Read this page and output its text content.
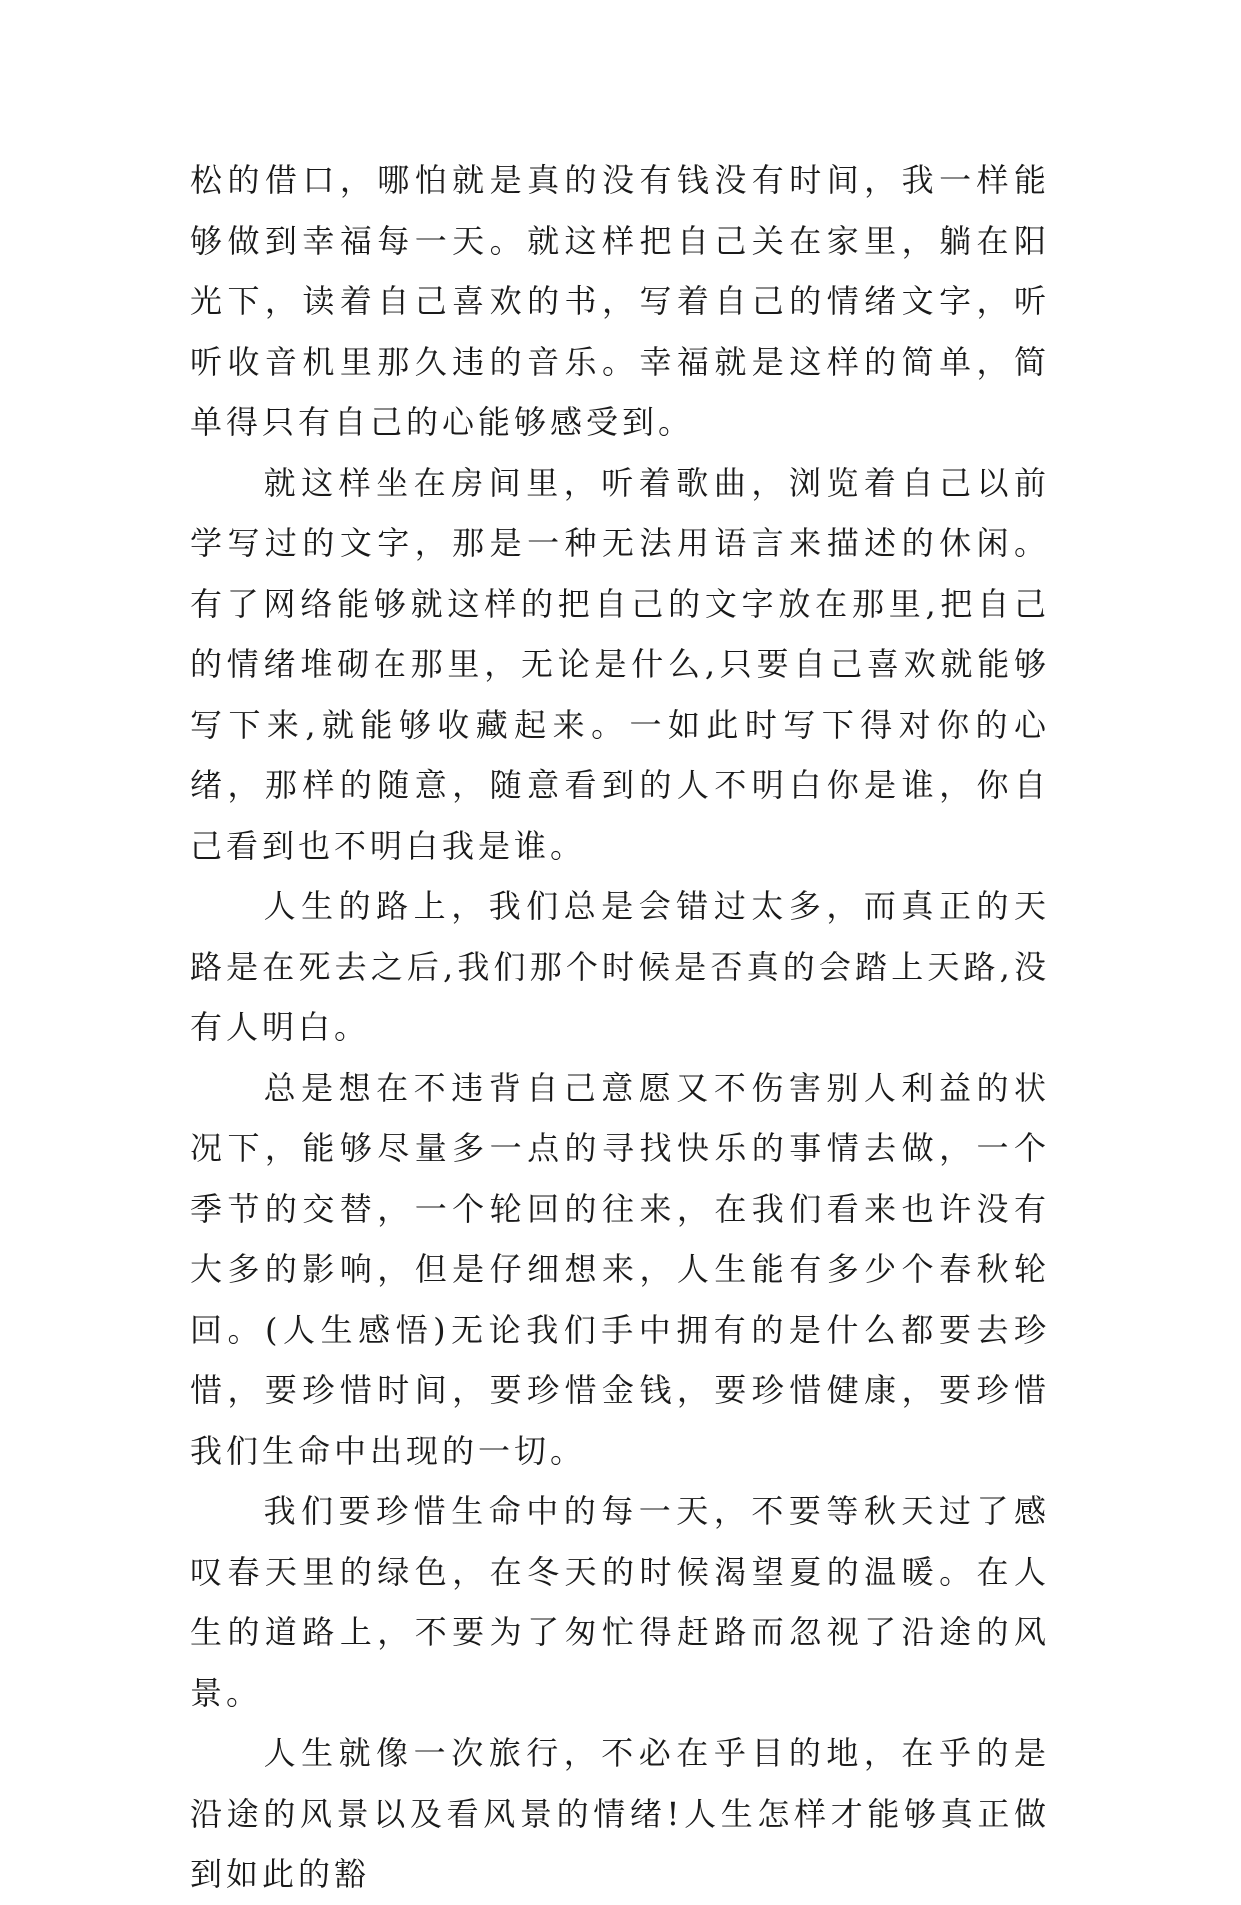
松的借口，哪怕就是真的没有钱没有时间，我一样能够做到幸福每一天。就这样把自己关在家里，躺在阳光下，读着自己喜欢的书，写着自己的情绪文字，听听收音机里那久违的音乐。幸福就是这样的简单，简单得只有自己的心能够感受到。

就这样坐在房间里，听着歌曲，浏览着自己以前学写过的文字，那是一种无法用语言来描述的休闲。有了网络能够就这样的把自己的文字放在那里,把自己的情绪堆砌在那里，无论是什么,只要自己喜欢就能够写下来,就能够收藏起来。一如此时写下得对你的心绪，那样的随意，随意看到的人不明白你是谁，你自己看到也不明白我是谁。

人生的路上，我们总是会错过太多，而真正的天路是在死去之后,我们那个时候是否真的会踏上天路,没有人明白。

总是想在不违背自己意愿又不伤害别人利益的状况下，能够尽量多一点的寻找快乐的事情去做，一个季节的交替，一个轮回的往来，在我们看来也许没有大多的影响，但是仔细想来，人生能有多少个春秋轮回。(人生感悟)无论我们手中拥有的是什么都要去珍惜，要珍惜时间，要珍惜金钱，要珍惜健康，要珍惜我们生命中出现的一切。

我们要珍惜生命中的每一天，不要等秋天过了感叹春天里的绿色，在冬天的时候渴望夏的温暖。在人生的道路上，不要为了匆忙得赶路而忽视了沿途的风景。

人生就像一次旅行，不必在乎目的地，在乎的是沿途的风景以及看风景的情绪!人生怎样才能够真正做到如此的豁
